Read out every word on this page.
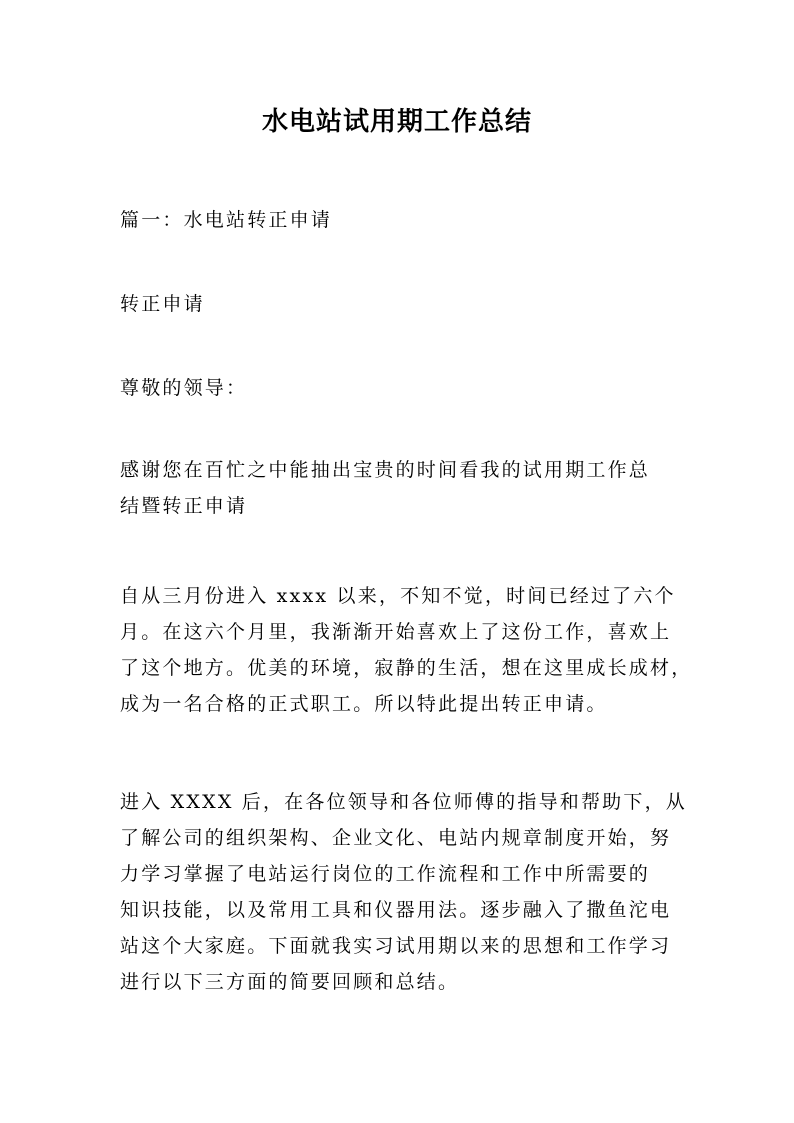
水电站试用期工作总结

篇一：水电站转正申请

转正申请

尊敬的领导：

感谢您在百忙之中能抽出宝贵的时间看我的试用期工作总
结暨转正申请

自从三月份进入 xxxx 以来，不知不觉，时间已经过了六个
月。在这六个月里，我渐渐开始喜欢上了这份工作，喜欢上
了这个地方。优美的环境，寂静的生活，想在这里成长成材，
成为一名合格的正式职工。所以特此提出转正申请。

进入 XXXX 后，在各位领导和各位师傅的指导和帮助下，从
了解公司的组织架构、企业文化、电站内规章制度开始，努
力学习掌握了电站运行岗位的工作流程和工作中所需要的
知识技能，以及常用工具和仪器用法。逐步融入了撒鱼沱电
站这个大家庭。下面就我实习试用期以来的思想和工作学习
进行以下三方面的简要回顾和总结。
